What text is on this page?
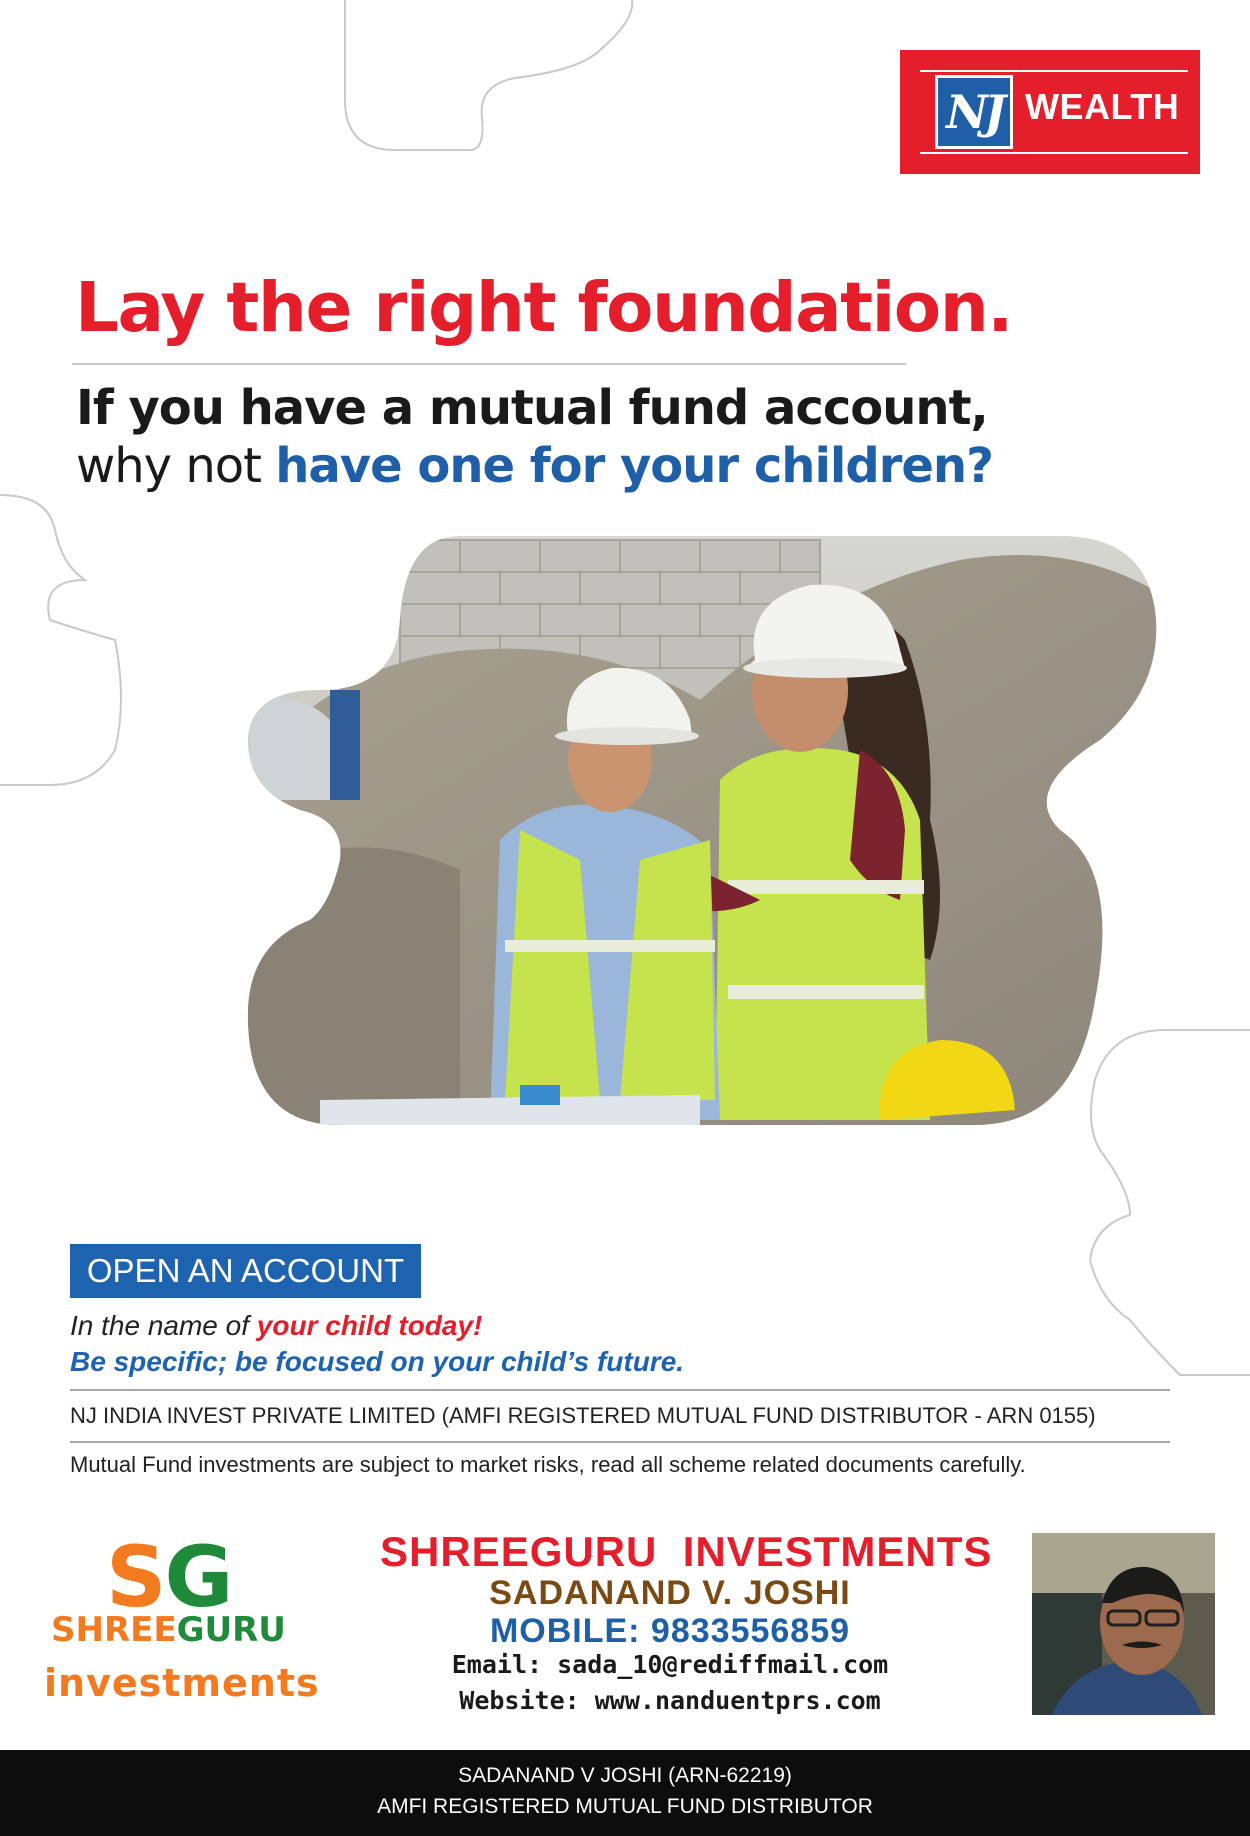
NJ WEALTH
Lay the right foundation.
If you have a mutual fund account,
why not have one for your children?
OPEN AN ACCOUNT
In the name of your child today!
Be specific; be focused on your child’s future.
NJ INDIA INVEST PRIVATE LIMITED (AMFI REGISTERED MUTUAL FUND DISTRIBUTOR - ARN 0155)
Mutual Fund investments are subject to market risks, read all scheme related documents carefully.
SG
SHREEGURU
investments
SHREEGURU  INVESTMENTS
SADANAND V. JOSHI
MOBILE: 9833556859
Email: sada_10@rediffmail.com
Website: www.nanduentprs.com
SADANAND V JOSHI (ARN-62219)
AMFI REGISTERED MUTUAL FUND DISTRIBUTOR
